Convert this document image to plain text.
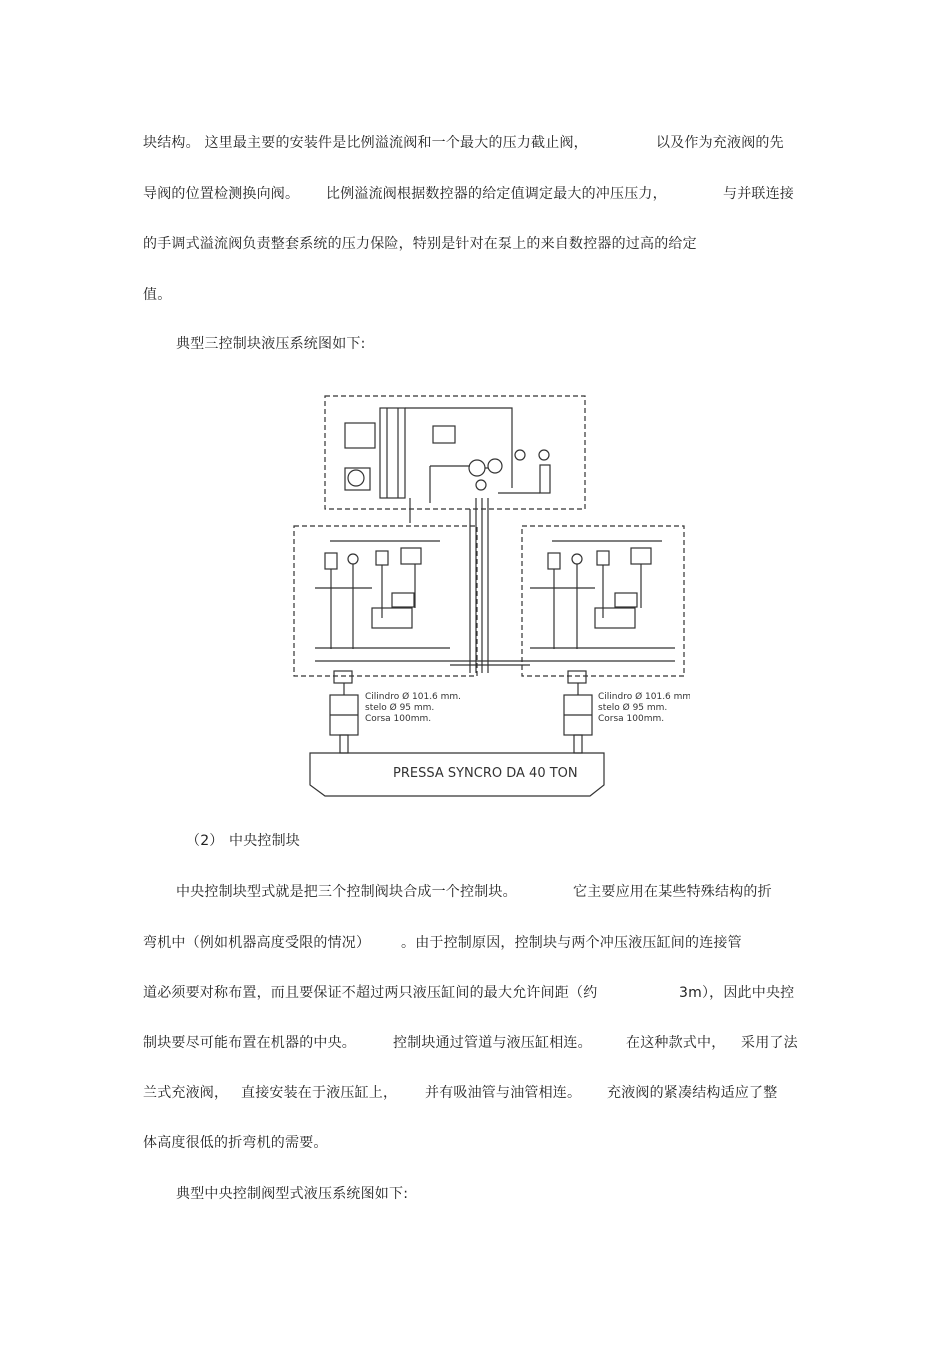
块结构。 这里最主要的安装件是比例溢流阀和一个最大的压力截止阀，	以及作为充液阀的先
导阀的位置检测换向阀。 比例溢流阀根据数控器的给定值调定最大的冲压压力，	与并联连接
的手调式溢流阀负责整套系统的压力保险，特别是针对在泵上的来自数控器的过高的给定
值。
典型三控制块液压系统图如下:
Cilindro Ø 101.6 mm.
stelo Ø 95 mm.
Corsa 100mm.
Cilindro Ø 101.6 mm.
stelo Ø 95 mm.
Corsa 100mm.
PRESSA SYNCRO DA 40 TON
（2） 中央控制块
中央控制块型式就是把三个控制阀块合成一个控制块。	它主要应用在某些特殊结构的折
弯机中（例如机器高度受限的情况） 。由于控制原因，控制块与两个冲压液压缸间的连接管
道必须要对称布置，而且要保证不超过两只液压缸间的最大允许间距（约	3m），因此中央控
制块要尽可能布置在机器的中央。	控制块通过管道与液压缸相连。 在这种款式中， 采用了法
兰式充液阀， 直接安装在于液压缸上， 并有吸油管与油管相连。 充液阀的紧凑结构适应了整
体高度很低的折弯机的需要。
典型中央控制阀型式液压系统图如下:
